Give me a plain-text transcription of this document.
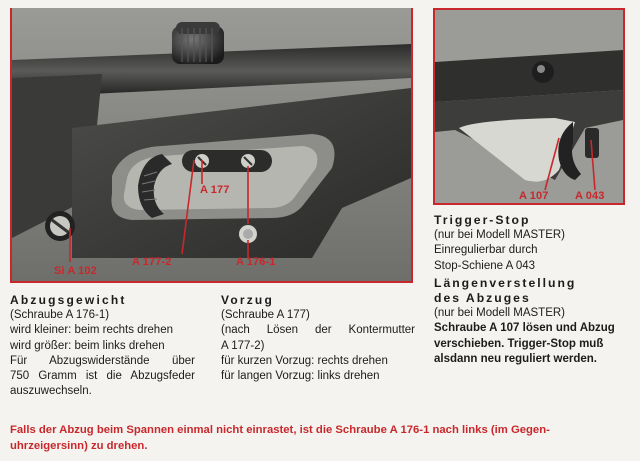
Si A 102
A 177-2
A 177
A 176-1
A 107 A 043

Abzugsgewicht

(Schraube A 176-1)

wird kleiner: beim rechts drehen

wird größer: beim links drehen

Für Abzugswiderstände über

750 Gramm ist die Abzugsfeder

auszuwechseln.

Vorzug

(Schraube A 177)

(nach Lösen der Kontermutter

A 177-2)

für kurzen Vorzug: rechts drehen

für langen Vorzug: links drehen

Trigger-Stop

(nur bei Modell MASTER)

Einregulierbar durch

Stop-Schiene A 043

Längenverstellung

des Abzuges

(nur bei Modell MASTER)

Schraube A 107 lösen und Abzug

verschieben. Trigger-Stop muß

alsdann neu reguliert werden.

Falls der Abzug beim Spannen einmal nicht einrastet, ist die Schraube A 176-1 nach links (im Gegen- uhrzeigersinn) zu drehen.
